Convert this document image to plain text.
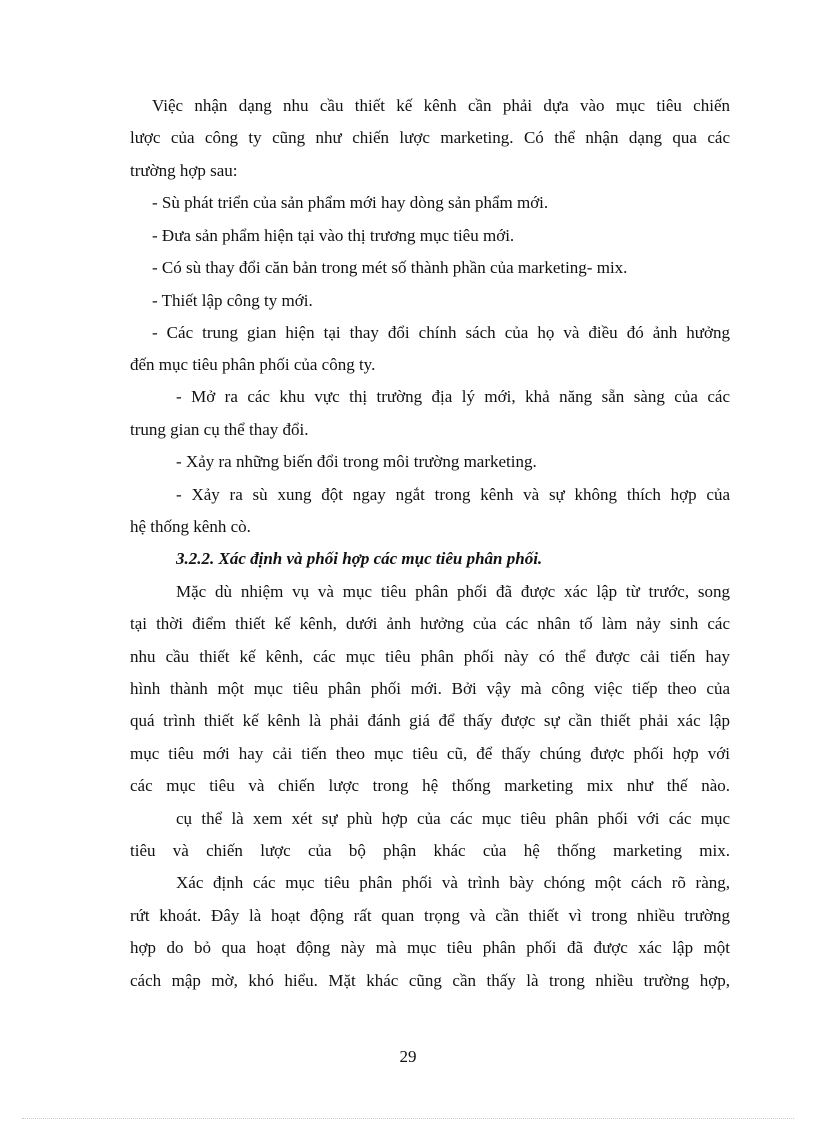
Việc nhận dạng nhu cầu thiết kế kênh cần phải dựa vào mục tiêu chiến
lược của công ty cũng như chiến lược marketing. Có thể nhận dạng qua các
trường hợp sau:
- Sù phát triển của sản phẩm mới hay dòng sản phẩm mới.
- Đưa sản phẩm hiện tại vào thị trương mục tiêu mới.
- Có sù thay đổi căn bản trong mét số thành phần của marketing- mix.
- Thiết lập công ty mới.
- Các trung gian hiện tại thay đổi chính sách của họ và điều đó ảnh hưởng
đến mục tiêu phân phối của công ty.
- Mở ra các khu vực thị trường địa lý mới, khả năng sẵn sàng của các
trung gian cụ thể thay đổi.
- Xảy ra những biến đổi trong môi trường marketing.
- Xảy ra sù xung đột ngay ngắt trong kênh và sự không thích hợp của
hệ thống kênh cò.
3.2.2. Xác định và phối hợp các mục tiêu phân phối.
Mặc dù nhiệm vụ và mục tiêu phân phối đã được xác lập từ trước, song
tại thời điểm thiết kế kênh, dưới ảnh hưởng của các nhân tố làm nảy sinh các
nhu cầu thiết kế kênh, các mục tiêu phân phối này có thể được cải tiến hay
hình thành một mục tiêu phân phối mới. Bởi vậy mà công việc tiếp theo của
quá trình thiết kế kênh là phải đánh giá để thấy được sự cần thiết phải xác lập
mục tiêu mới hay cải tiến theo mục tiêu cũ, để thấy chúng được phối hợp với
các mục tiêu và chiến lược trong hệ thống marketing mix như thế nào.
cụ thể là xem xét sự phù hợp của các mục tiêu phân phối với các mục
tiêu và chiến lược của bộ phận khác của hệ thống marketing mix.
Xác định các mục tiêu phân phối và trình bày chóng một cách rõ ràng,
rứt khoát. Đây là hoạt động rất quan trọng và cần thiết vì trong nhiều trường
hợp do bỏ qua hoạt động này mà mục tiêu phân phối đã được xác lập một
cách mập mờ, khó hiểu. Mặt khác cũng cần thấy là trong nhiều trường hợp,
29
